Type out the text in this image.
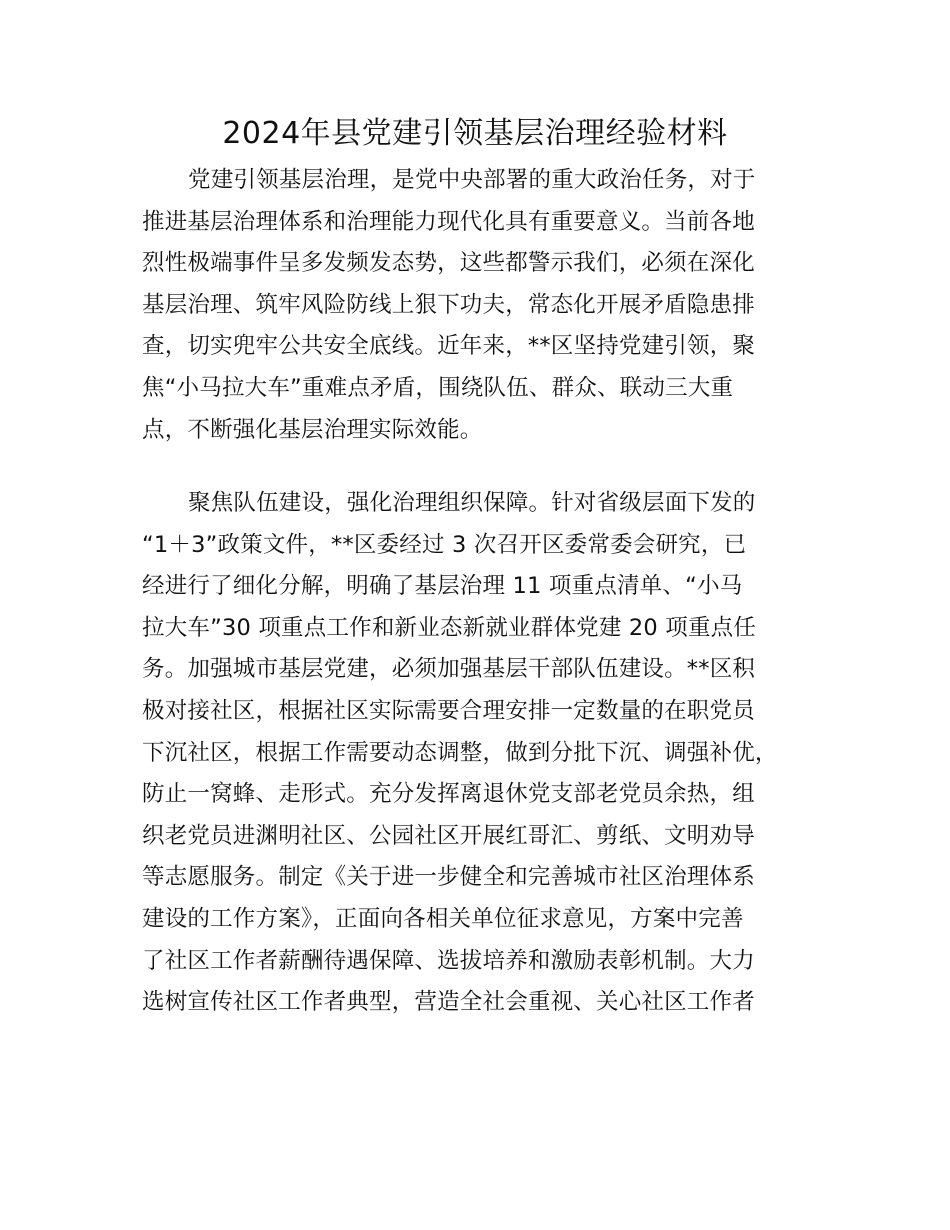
2024年县党建引领基层治理经验材料
党建引领基层治理，是党中央部署的重大政治任务，对于
推进基层治理体系和治理能力现代化具有重要意义。当前各地
烈性极端事件呈多发频发态势，这些都警示我们，必须在深化
基层治理、筑牢风险防线上狠下功夫，常态化开展矛盾隐患排
查，切实兜牢公共安全底线。近年来，**区坚持党建引领，聚
焦“小马拉大车”重难点矛盾，围绕队伍、群众、联动三大重
点，不断强化基层治理实际效能。
聚焦队伍建设，强化治理组织保障。针对省级层面下发的
“1＋3”政策文件，**区委经过 3 次召开区委常委会研究，已
经进行了细化分解，明确了基层治理 11 项重点清单、“小马
拉大车”30 项重点工作和新业态新就业群体党建 20 项重点任
务。加强城市基层党建，必须加强基层干部队伍建设。**区积
极对接社区，根据社区实际需要合理安排一定数量的在职党员
下沉社区，根据工作需要动态调整，做到分批下沉、调强补优，
防止一窝蜂、走形式。充分发挥离退休党支部老党员余热，组
织老党员进渊明社区、公园社区开展红哥汇、剪纸、文明劝导
等志愿服务。制定《关于进一步健全和完善城市社区治理体系
建设的工作方案》，正面向各相关单位征求意见，方案中完善
了社区工作者薪酬待遇保障、选拔培养和激励表彰机制。大力
选树宣传社区工作者典型，营造全社会重视、关心社区工作者
